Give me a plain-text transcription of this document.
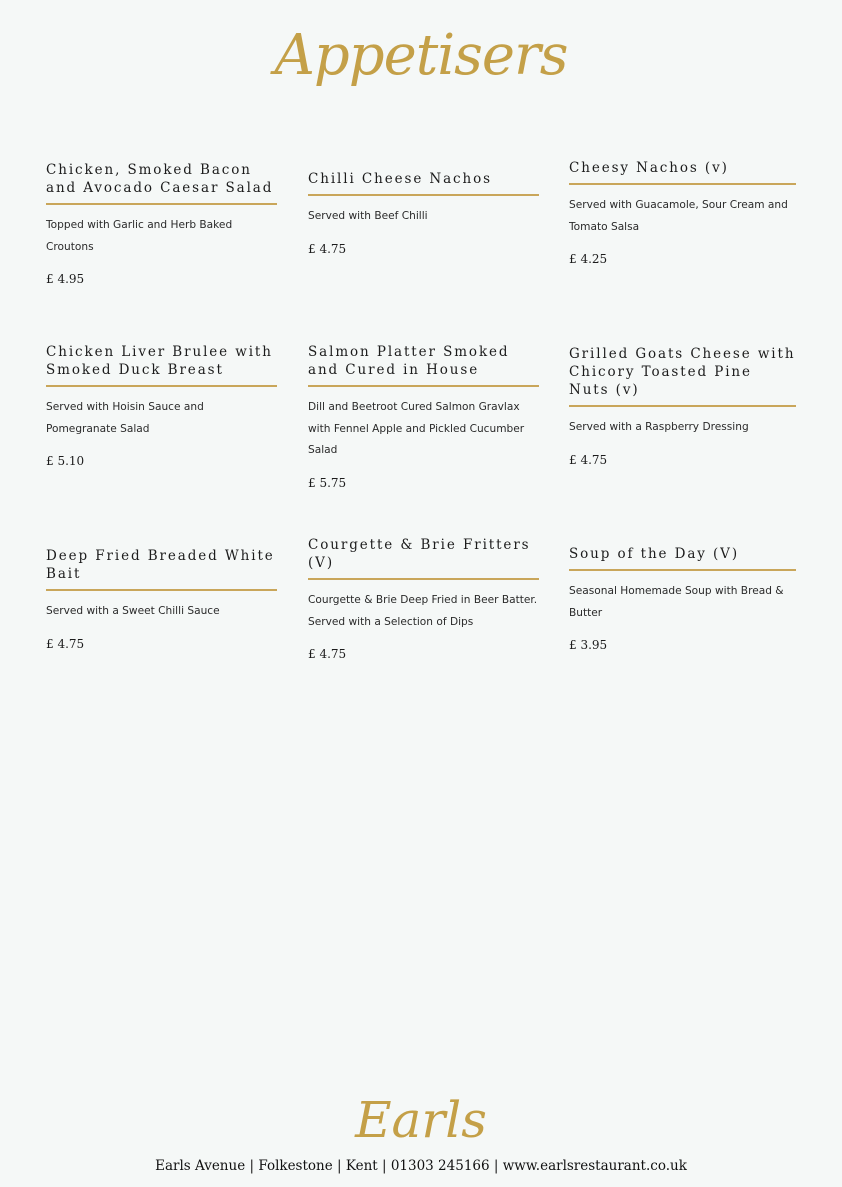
Appetisers
Chicken, Smoked Bacon and Avocado Caesar Salad
Topped with Garlic and Herb Baked Croutons
£ 4.95
Chilli Cheese Nachos
Served with Beef Chilli
£ 4.75
Cheesy Nachos (v)
Served with Guacamole, Sour Cream and Tomato Salsa
£ 4.25
Chicken Liver Brulee with Smoked Duck Breast
Served with Hoisin Sauce and Pomegranate Salad
£ 5.10
Salmon Platter Smoked and Cured in House
Dill and Beetroot Cured Salmon Gravlax with Fennel Apple and Pickled Cucumber Salad
£ 5.75
Grilled Goats Cheese with Chicory Toasted Pine Nuts (v)
Served with a Raspberry Dressing
£ 4.75
Deep Fried Breaded White Bait
Served with a Sweet Chilli Sauce
£ 4.75
Courgette & Brie Fritters (V)
Courgette & Brie Deep Fried in Beer Batter. Served with a Selection of Dips
£ 4.75
Soup of the Day (V)
Seasonal Homemade Soup with Bread & Butter
£ 3.95
Earls
Earls Avenue | Folkestone | Kent | 01303 245166 | www.earlsrestaurant.co.uk
